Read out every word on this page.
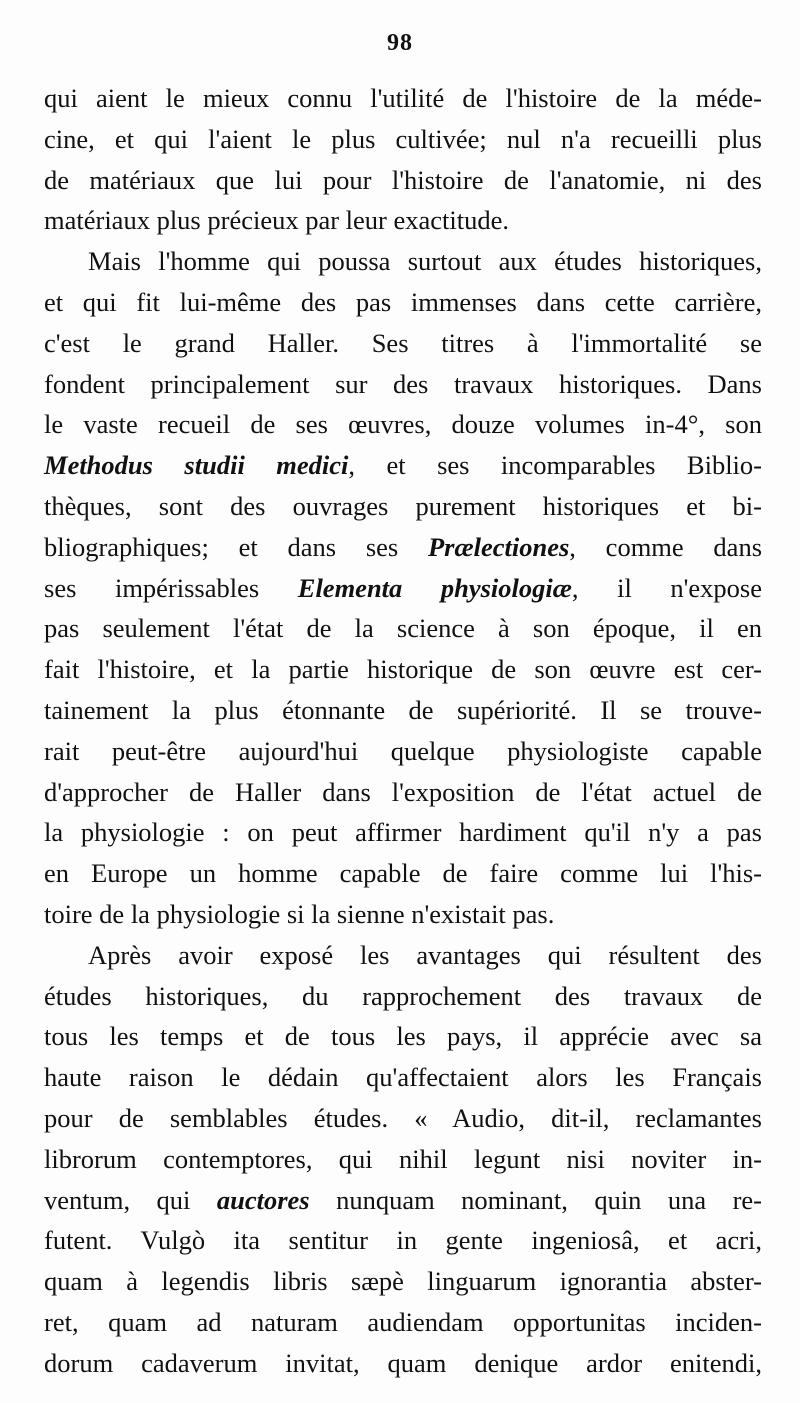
98
qui aient le mieux connu l'utilité de l'histoire de la méde-
cine, et qui l'aient le plus cultivée; nul n'a recueilli plus
de matériaux que lui pour l'histoire de l'anatomie, ni des
matériaux plus précieux par leur exactitude.
Mais l'homme qui poussa surtout aux études historiques,
et qui fit lui-même des pas immenses dans cette carrière,
c'est le grand Haller. Ses titres à l'immortalité se
fondent principalement sur des travaux historiques. Dans
le vaste recueil de ses œuvres, douze volumes in-4°, son
Methodus studii medici, et ses incomparables Biblio-
thèques, sont des ouvrages purement historiques et bi-
bliographiques; et dans ses Prælectiones, comme dans
ses impérissables Elementa physiologiæ, il n'expose
pas seulement l'état de la science à son époque, il en
fait l'histoire, et la partie historique de son œuvre est cer-
tainement la plus étonnante de supériorité. Il se trouve-
rait peut-être aujourd'hui quelque physiologiste capable
d'approcher de Haller dans l'exposition de l'état actuel de
la physiologie : on peut affirmer hardiment qu'il n'y a pas
en Europe un homme capable de faire comme lui l'his-
toire de la physiologie si la sienne n'existait pas.
Après avoir exposé les avantages qui résultent des
études historiques, du rapprochement des travaux de
tous les temps et de tous les pays, il apprécie avec sa
haute raison le dédain qu'affectaient alors les Français
pour de semblables études. « Audio, dit-il, reclamantes
librorum contemptores, qui nihil legunt nisi noviter in-
ventum, qui auctores nunquam nominant, quin una re-
futent. Vulgò ita sentitur in gente ingeniosâ, et acri,
quam à legendis libris sæpè linguarum ignorantia abster-
ret, quam ad naturam audiendam opportunitas inciden-
dorum cadaverum invitat, quam denique ardor enitendi,
